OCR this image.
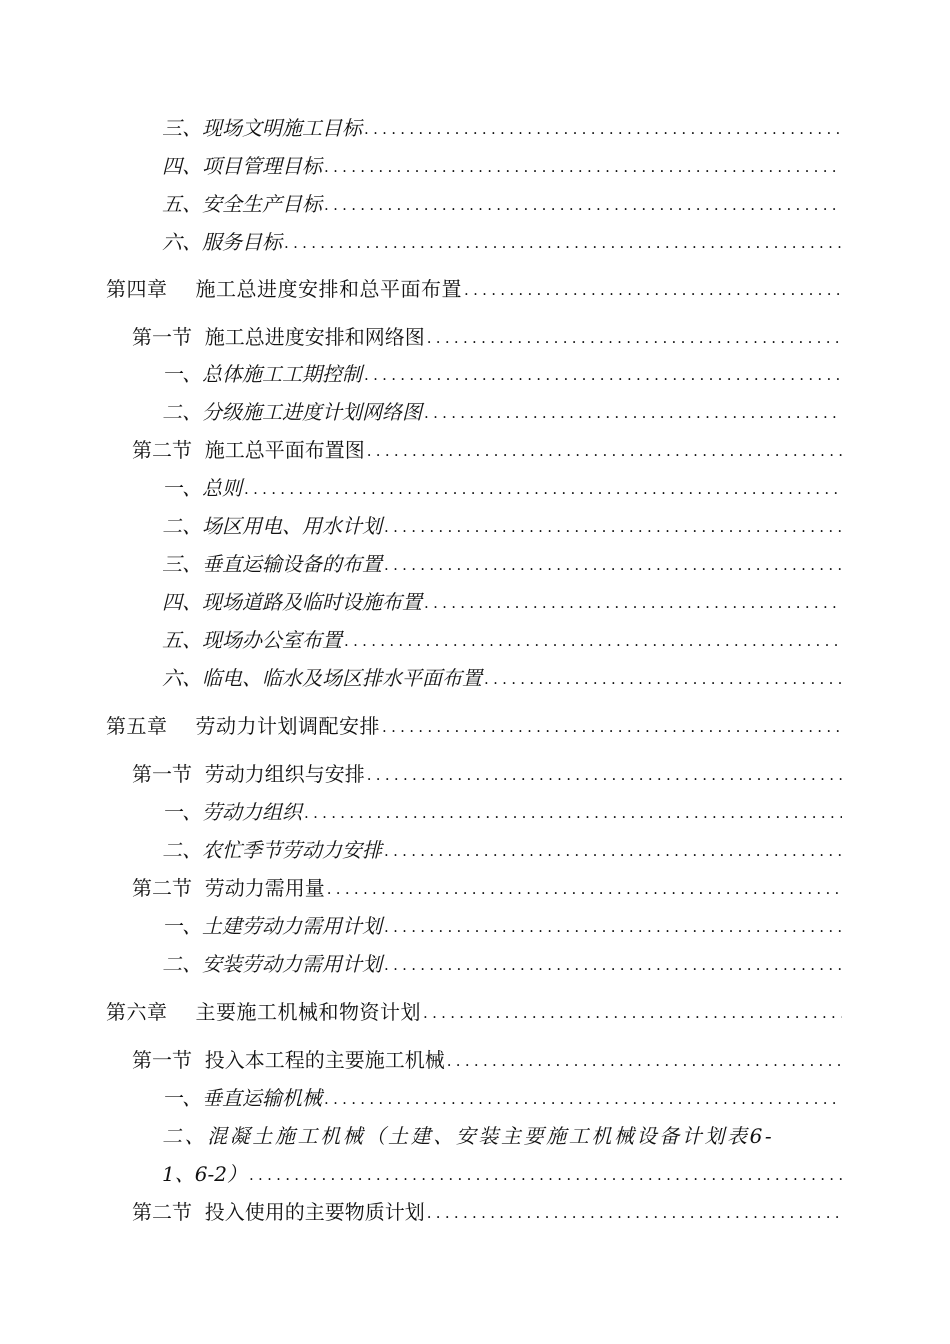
三、现场文明施工目标
.....
四、项目管理目标
.....
五、安全生产目标
.....
六、服务目标
.....
第四章 施工总进度安排和总平面布置
.....
第一节  施工总进度安排和网络图
.....
一、总体施工工期控制
.....
二、分级施工进度计划网络图
.....
第二节  施工总平面布置图
.....
一、总则
.....
二、场区用电、用水计划
.....
三、垂直运输设备的布置
.....
四、现场道路及临时设施布置
.....
五、现场办公室布置
.....
六、临电、临水及场区排水平面布置
.....
第五章 劳动力计划调配安排
.....
第一节  劳动力组织与安排
.....
一、劳动力组织
.....
二、农忙季节劳动力安排
.....
第二节  劳动力需用量
.....
一、土建劳动力需用计划
.....
二、安装劳动力需用计划
.....
第六章 主要施工机械和物资计划
.....
第一节  投入本工程的主要施工机械
.....
一、垂直运输机械
.....
二、混凝土施工机械（土建、安装主要施工机械设备计划表6-
1、6-2）
.....
第二节  投入使用的主要物质计划
.....
